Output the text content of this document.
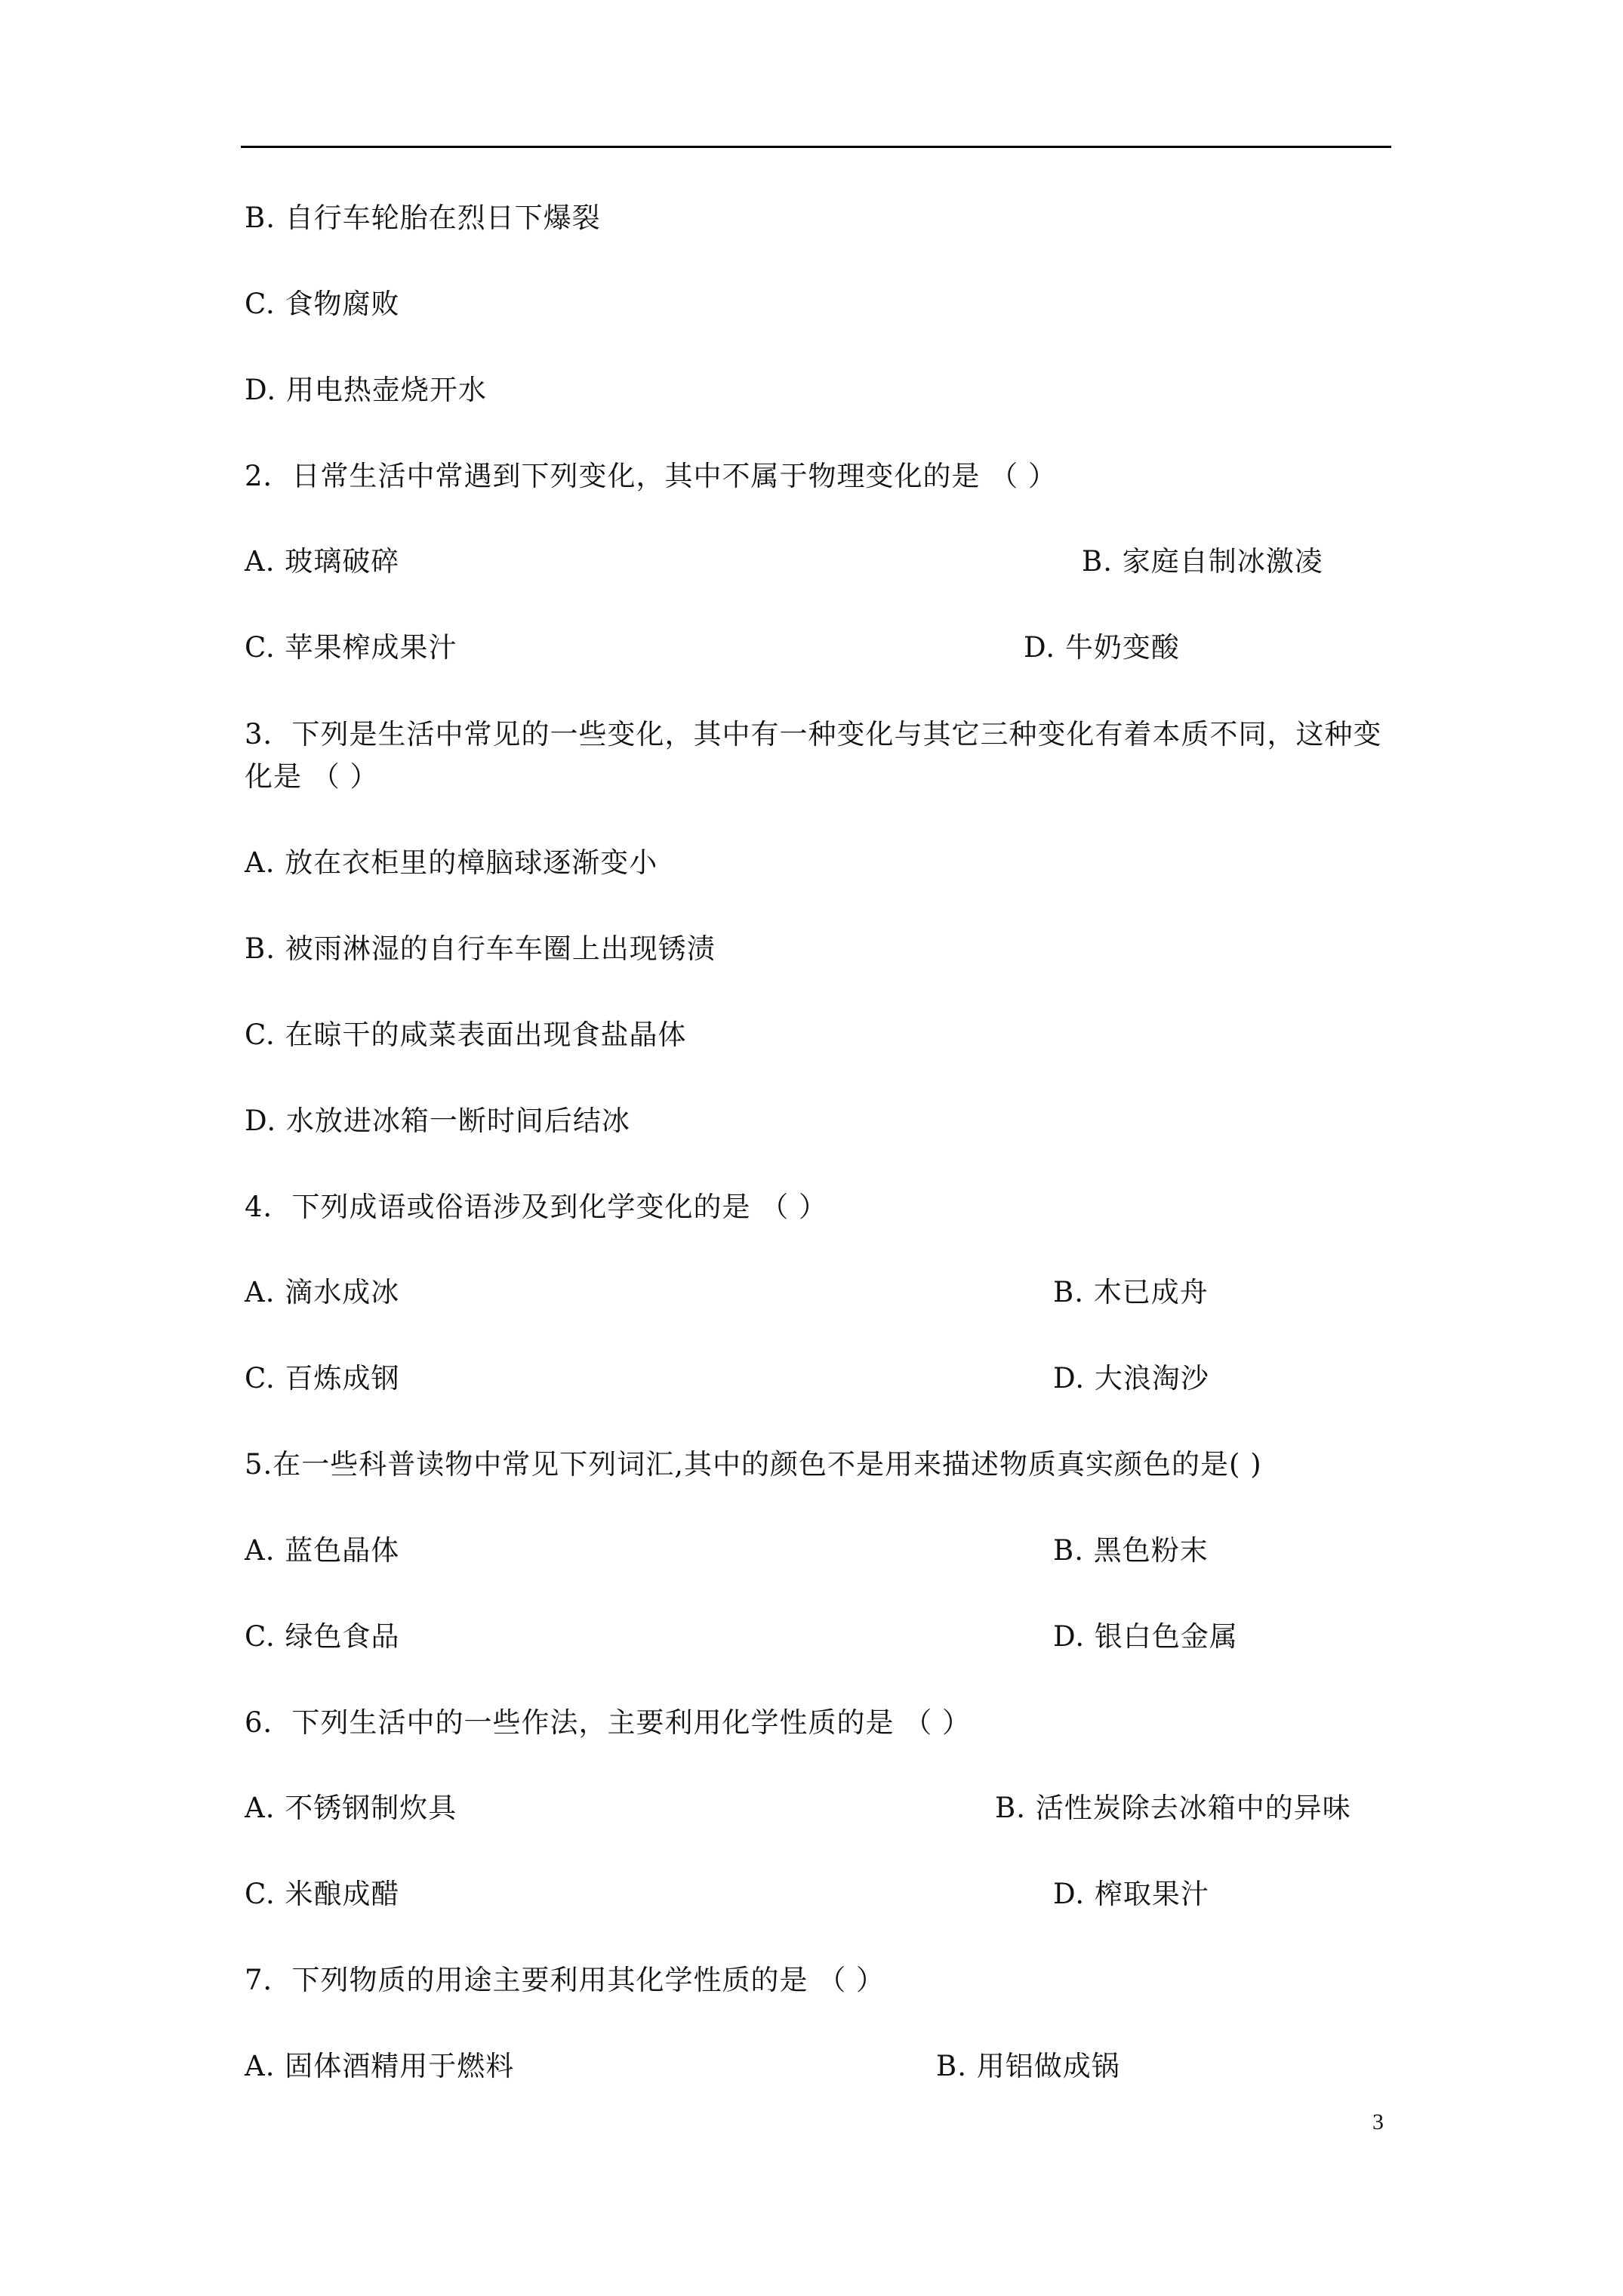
B. 自行车轮胎在烈日下爆裂
C. 食物腐败
D. 用电热壶烧开水
2．日常生活中常遇到下列变化，其中不属于物理变化的是 （ ）
A. 玻璃破碎	B. 家庭自制冰激凌
C. 苹果榨成果汁	D. 牛奶变酸
3．下列是生活中常见的一些变化，其中有一种变化与其它三种变化有着本质不同，这种变
化是 （ ）
A. 放在衣柜里的樟脑球逐渐变小
B. 被雨淋湿的自行车车圈上出现锈渍
C. 在晾干的咸菜表面出现食盐晶体
D. 水放进冰箱一断时间后结冰
4．下列成语或俗语涉及到化学变化的是 （ ）
A. 滴水成冰	B. 木已成舟
C. 百炼成钢	D. 大浪淘沙
5.在一些科普读物中常见下列词汇,其中的颜色不是用来描述物质真实颜色的是( )
A. 蓝色晶体	B. 黑色粉末
C. 绿色食品	D. 银白色金属
6．下列生活中的一些作法，主要利用化学性质的是 （ ）
A. 不锈钢制炊具	B. 活性炭除去冰箱中的异味
C. 米酿成醋	D. 榨取果汁
7．下列物质的用途主要利用其化学性质的是 （ ）
A. 固体酒精用于燃料	B. 用铝做成锅
3
